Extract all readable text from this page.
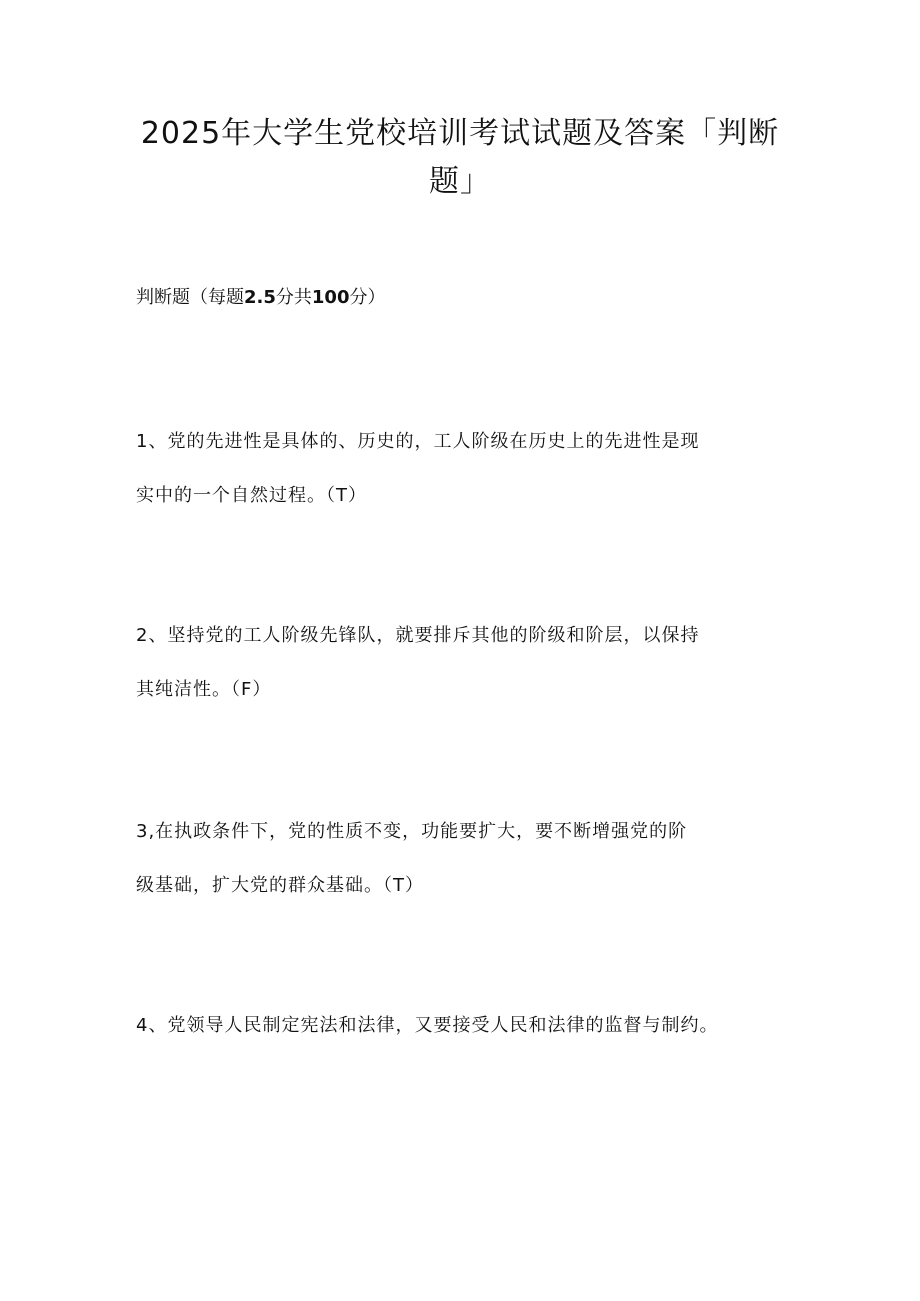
2025年大学生党校培训考试试题及答案「判断
题」

判断题（每题2.5分共100分）

1、党的先进性是具体的、历史的，工人阶级在历史上的先进性是现
实中的一个自然过程。（T）

2、坚持党的工人阶级先锋队，就要排斥其他的阶级和阶层，以保持
其纯洁性。（F）

3,在执政条件下，党的性质不变，功能要扩大，要不断增强党的阶
级基础，扩大党的群众基础。（T）

4、党领导人民制定宪法和法律，又要接受人民和法律的监督与制约。
